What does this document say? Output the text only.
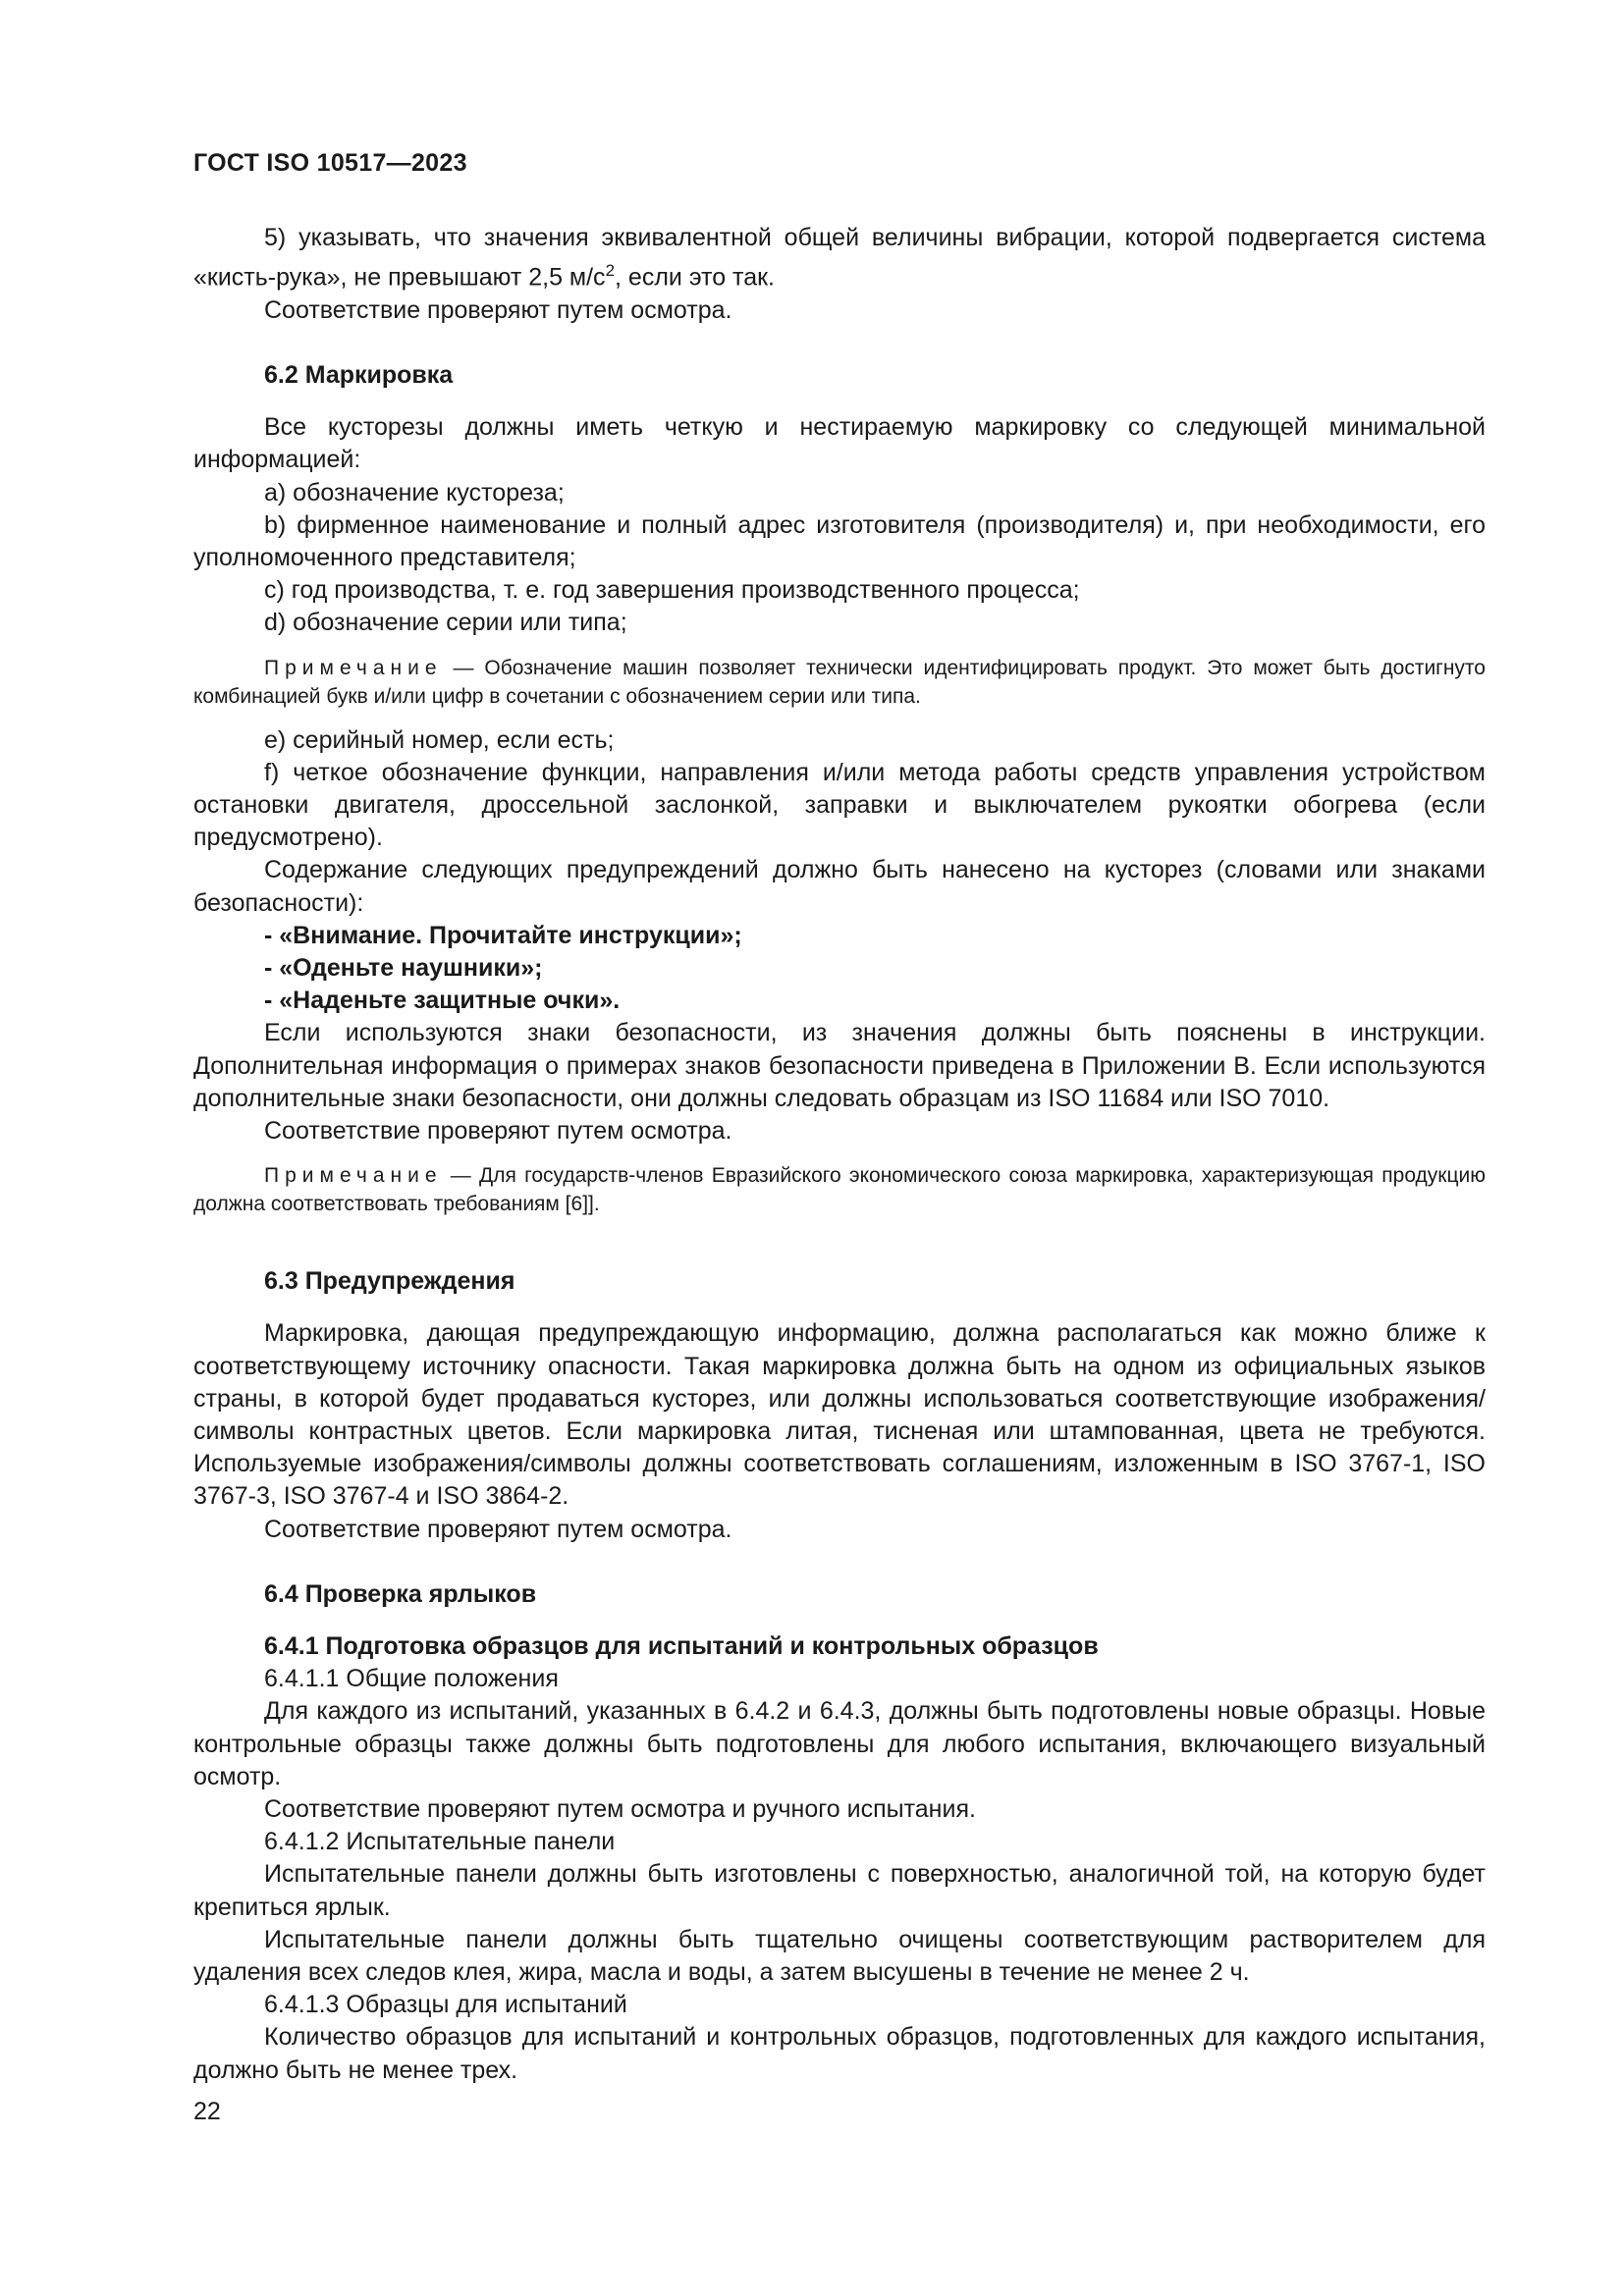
ГОСТ ISO 10517—2023

5) указывать, что значения эквивалентной общей величины вибрации, которой подвергается система «кисть-рука», не превышают 2,5 $м/с^2$, если это так.

Соответствие проверяют путем осмотра.

6.2 Маркировка

Все кусторезы должны иметь четкую и нестираемую маркировку со следующей минимальной информацией:

a) обозначение кустореза;

b) фирменное наименование и полный адрес изготовителя (производителя) и, при необходимости, его уполномоченного представителя;

c) год производства, т. е. год завершения производственного процесса;

d) обозначение серии или типа;

Примечание — Обозначение машин позволяет технически идентифицировать продукт. Это может быть достигнуто комбинацией букв и/или цифр в сочетании с обозначением серии или типа.

e) серийный номер, если есть;

f) четкое обозначение функции, направления и/или метода работы средств управления устройством остановки двигателя, дроссельной заслонкой, заправки и выключателем рукоятки обогрева (если предусмотрено).

Содержание следующих предупреждений должно быть нанесено на кусторез (словами или знаками безопасности):

- «Внимание. Прочитайте инструкции»;

- «Оденьте наушники»;

- «Наденьте защитные очки».

Если используются знаки безопасности, из значения должны быть пояснены в инструкции. Дополнительная информация о примерах знаков безопасности приведена в Приложении В. Если используются дополнительные знаки безопасности, они должны следовать образцам из ISO 11684 или ISO 7010.

Соответствие проверяют путем осмотра.

Примечание — Для государств-членов Евразийского экономического союза маркировка, характеризующая продукцию должна соответствовать требованиям [6]].

6.3 Предупреждения

Маркировка, дающая предупреждающую информацию, должна располагаться как можно ближе к соответствующему источнику опасности. Такая маркировка должна быть на одном из официальных языков страны, в которой будет продаваться кусторез, или должны использоваться соответствующие изображения/символы контрастных цветов. Если маркировка литая, тисненая или штампованная, цвета не требуются. Используемые изображения/символы должны соответствовать соглашениям, изложенным в ISO 3767-1, ISO 3767-3, ISO 3767-4 и ISO 3864-2.

Соответствие проверяют путем осмотра.

6.4 Проверка ярлыков

6.4.1 Подготовка образцов для испытаний и контрольных образцов

6.4.1.1 Общие положения

Для каждого из испытаний, указанных в 6.4.2 и 6.4.3, должны быть подготовлены новые образцы. Новые контрольные образцы также должны быть подготовлены для любого испытания, включающего визуальный осмотр.

Соответствие проверяют путем осмотра и ручного испытания.

6.4.1.2 Испытательные панели

Испытательные панели должны быть изготовлены с поверхностью, аналогичной той, на которую будет крепиться ярлык.

Испытательные панели должны быть тщательно очищены соответствующим растворителем для удаления всех следов клея, жира, масла и воды, а затем высушены в течение не менее 2 ч.

6.4.1.3 Образцы для испытаний

Количество образцов для испытаний и контрольных образцов, подготовленных для каждого испытания, должно быть не менее трех.

22
